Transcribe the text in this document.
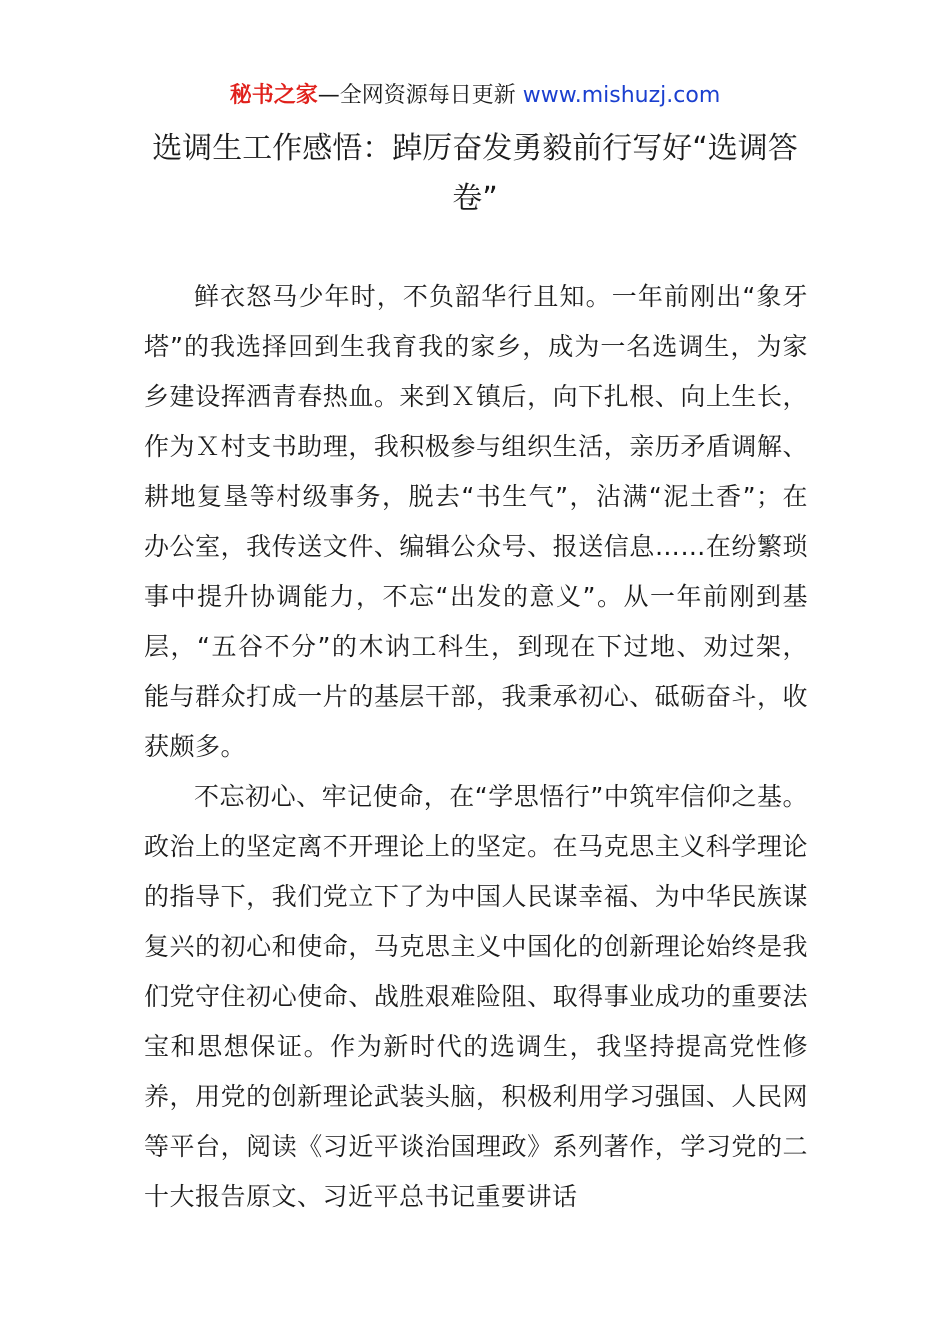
秘书之家—全网资源每日更新 www.mishuzj.com
选调生工作感悟：踔厉奋发勇毅前行写好“选调答卷”

鲜衣怒马少年时，不负韶华行且知。一年前刚出“象牙塔”的我选择回到生我育我的家乡，成为一名选调生，为家乡建设挥洒青春热血。来到Ｘ镇后，向下扎根、向上生长，作为Ｘ村支书助理，我积极参与组织生活，亲历矛盾调解、耕地复垦等村级事务，脱去“书生气”，沾满“泥土香”；在办公室，我传送文件、编辑公众号、报送信息……在纷繁琐事中提升协调能力，不忘“出发的意义”。从一年前刚到基层，“五谷不分”的木讷工科生，到现在下过地、劝过架，能与群众打成一片的基层干部，我秉承初心、砥砺奋斗，收获颇多。

不忘初心、牢记使命，在“学思悟行”中筑牢信仰之基。政治上的坚定离不开理论上的坚定。在马克思主义科学理论的指导下，我们党立下了为中国人民谋幸福、为中华民族谋复兴的初心和使命，马克思主义中国化的创新理论始终是我们党守住初心使命、战胜艰难险阻、取得事业成功的重要法宝和思想保证。作为新时代的选调生，我坚持提高党性修养，用党的创新理论武装头脑，积极利用学习强国、人民网等平台，阅读《习近平谈治国理政》系列著作，学习党的二十大报告原文、习近平总书记重要讲话
